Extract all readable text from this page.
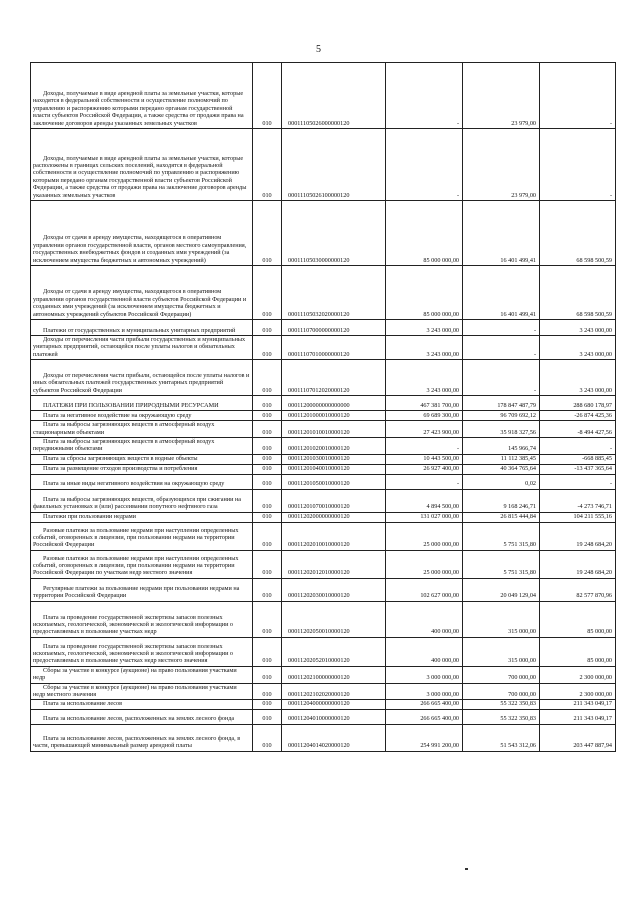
5
Доходы, получаемые в виде арендной платы за земельные участки, которые находятся в федеральной собственности и осуществление полномочий по управлению и распоряжению которыми передано органам государственной власти субъектов Российской Федерации, а также средства от продажи права на заключение договоров аренды указанных земельных участков	010	00011105026000000120	-	23 979,00	-

Доходы, получаемые в виде арендной платы за земельные участки, которые расположены в границах сельских поселений, находятся в федеральной собственности и осуществление полномочий по управлению и распоряжению которыми передано органам государственной власти субъектов Российской Федерации, а также средства от продажи права на заключение договоров аренды указанных земельных участков	010	00011105026100000120	-	23 979,00	-

Доходы от сдачи в аренду имущества, находящегося в оперативном управлении органов государственной власти, органов местного самоуправления, государственных внебюджетных фондов и созданных ими учреждений (за исключением имущества бюджетных и автономных учреждений)	010	00011105030000000120	85 000 000,00	16 401 499,41	68 598 500,59

Доходы от сдачи в аренду имущества, находящегося в оперативном управлении органов государственной власти субъектов Российской Федерации и созданных ими учреждений (за исключением имущества бюджетных и автономных учреждений субъектов Российской Федерации)	010	00011105032020000120	85 000 000,00	16 401 499,41	68 598 500,59

Платежи от государственных и муниципальных унитарных предприятий	010	00011107000000000120	3 243 000,00	-	3 243 000,00

Доходы от перечисления части прибыли государственных и муниципальных унитарных предприятий, остающейся после уплаты налогов и обязательных платежей	010	00011107010000000120	3 243 000,00	-	3 243 000,00

Доходы от перечисления части прибыли, остающейся после уплаты налогов и иных обязательных платежей государственных унитарных предприятий субъектов Российской Федерации	010	00011107012020000120	3 243 000,00	-	3 243 000,00

ПЛАТЕЖИ ПРИ ПОЛЬЗОВАНИИ ПРИРОДНЫМИ РЕСУРСАМИ	010	00011200000000000000	467 381 700,00	178 847 487,79	288 680 178,97

Плата за негативное воздействие на окружающую среду	010	00011201000010000120	69 689 300,00	96 709 692,12	-26 874 425,36

Плата за выбросы загрязняющих веществ в атмосферный воздух стационарными объектами	010	00011201010010000120	27 423 900,00	35 918 327,56	-8 494 427,56

Плата за выбросы загрязняющих веществ в атмосферный воздух передвижными объектами	010	00011201020010000120	-	145 966,74	-

Плата за сбросы загрязняющих веществ в водные объекты	010	00011201030010000120	10 443 500,00	11 112 385,45	-668 885,45

Плата за размещение отходов производства и потребления	010	00011201040010000120	26 927 400,00	40 364 765,64	-13 437 365,64

Плата за иные виды негативного воздействия на окружающую среду	010	00011201050010000120	-	0,02	-

Плата за выбросы загрязняющих веществ, образующихся при сжигании на факельных установках и (или) рассеивании попутного нефтяного газа	010	00011201070010000120	4 894 500,00	9 168 246,71	-4 273 746,71

Платежи при пользовании недрами	010	00011202000000000120	131 027 000,00	26 815 444,84	104 211 555,16

Разовые платежи за пользование недрами при наступлении определенных событий, оговоренных в лицензии, при пользовании недрами на территории Российской Федерации	010	00011202010010000120	25 000 000,00	5 751 315,80	19 248 684,20

Разовые платежи за пользование недрами при наступлении определенных событий, оговоренных в лицензии, при пользовании недрами на территории Российской Федерации по участкам недр местного значения	010	00011202012010000120	25 000 000,00	5 751 315,80	19 248 684,20

Регулярные платежи за пользование недрами при пользовании недрами на территории Российской Федерации	010	00011202030010000120	102 627 000,00	20 049 129,04	82 577 870,96

Плата за проведение государственной экспертизы запасов полезных ископаемых, геологической, экономической и экологической информации о предоставляемых в пользование участках недр	010	00011202050010000120	400 000,00	315 000,00	85 000,00

Плата за проведение государственной экспертизы запасов полезных ископаемых, геологической, экономической и экологической информации о предоставляемых в пользование участках недр местного значения	010	00011202052010000120	400 000,00	315 000,00	85 000,00

Сборы за участие в конкурсе (аукционе) на право пользования участками недр	010	00011202100000000120	3 000 000,00	700 000,00	2 300 000,00

Сборы за участие в конкурсе (аукционе) на право пользования участками недр местного значения	010	00011202102020000120	3 000 000,00	700 000,00	2 300 000,00

Плата за использование лесов	010	00011204000000000120	266 665 400,00	55 322 350,83	211 343 049,17

Плата за использование лесов, расположенных на землях лесного фонда	010	00011204010000000120	266 665 400,00	55 322 350,83	211 343 049,17

Плата за использование лесов, расположенных на землях лесного фонда, в части, превышающей минимальный размер арендной платы	010	00011204014020000120	254 991 200,00	51 543 312,06	203 447 887,94
